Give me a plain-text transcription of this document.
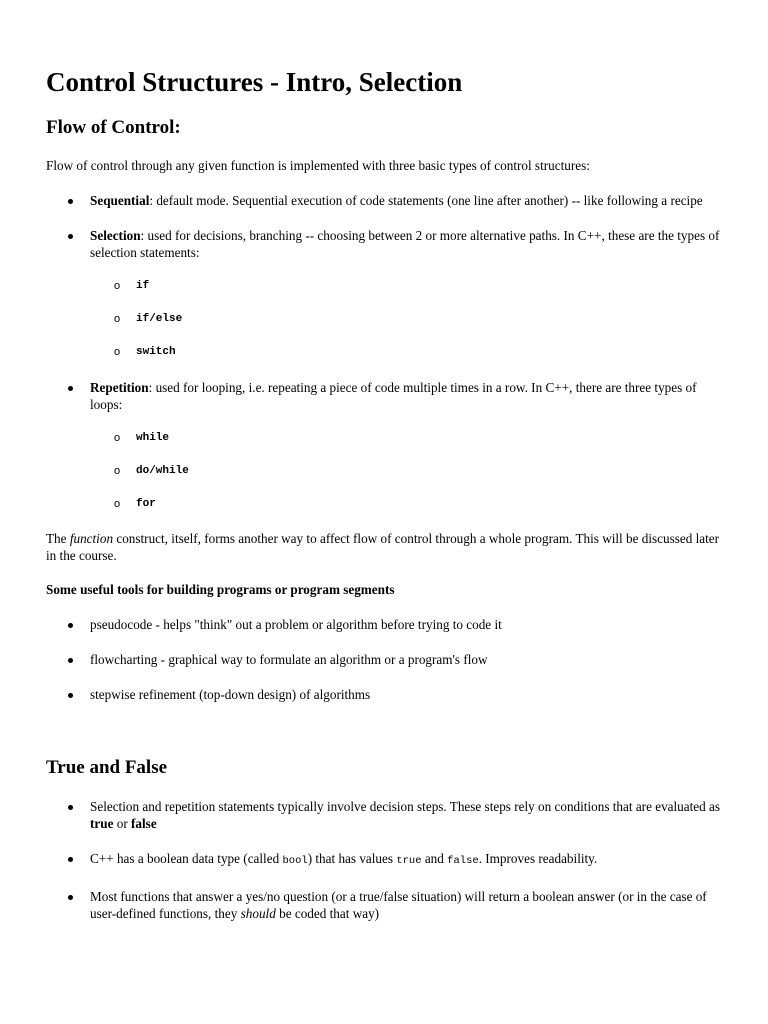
Control Structures - Intro, Selection
Flow of Control:

Flow of control through any given function is implemented with three basic types of control structures:

Sequential: default mode. Sequential execution of code statements (one line after another) -- like following a recipe
Selection: used for decisions, branching -- choosing between 2 or more alternative paths. In C++, these are the types of selection statements:
o if
o if/else
o switch
Repetition: used for looping, i.e. repeating a piece of code multiple times in a row. In C++, there are three types of loops:
o while
o do/while
o for

The function construct, itself, forms another way to affect flow of control through a whole program. This will be discussed later in the course.

Some useful tools for building programs or program segments

pseudocode - helps "think" out a problem or algorithm before trying to code it
flowcharting - graphical way to formulate an algorithm or a program's flow
stepwise refinement (top-down design) of algorithms
True and False
Selection and repetition statements typically involve decision steps. These steps rely on conditions that are evaluated as true or false
C++ has a boolean data type (called bool) that has values true and false. Improves readability.
Most functions that answer a yes/no question (or a true/false situation) will return a boolean answer (or in the case of user-defined functions, they should be coded that way)
